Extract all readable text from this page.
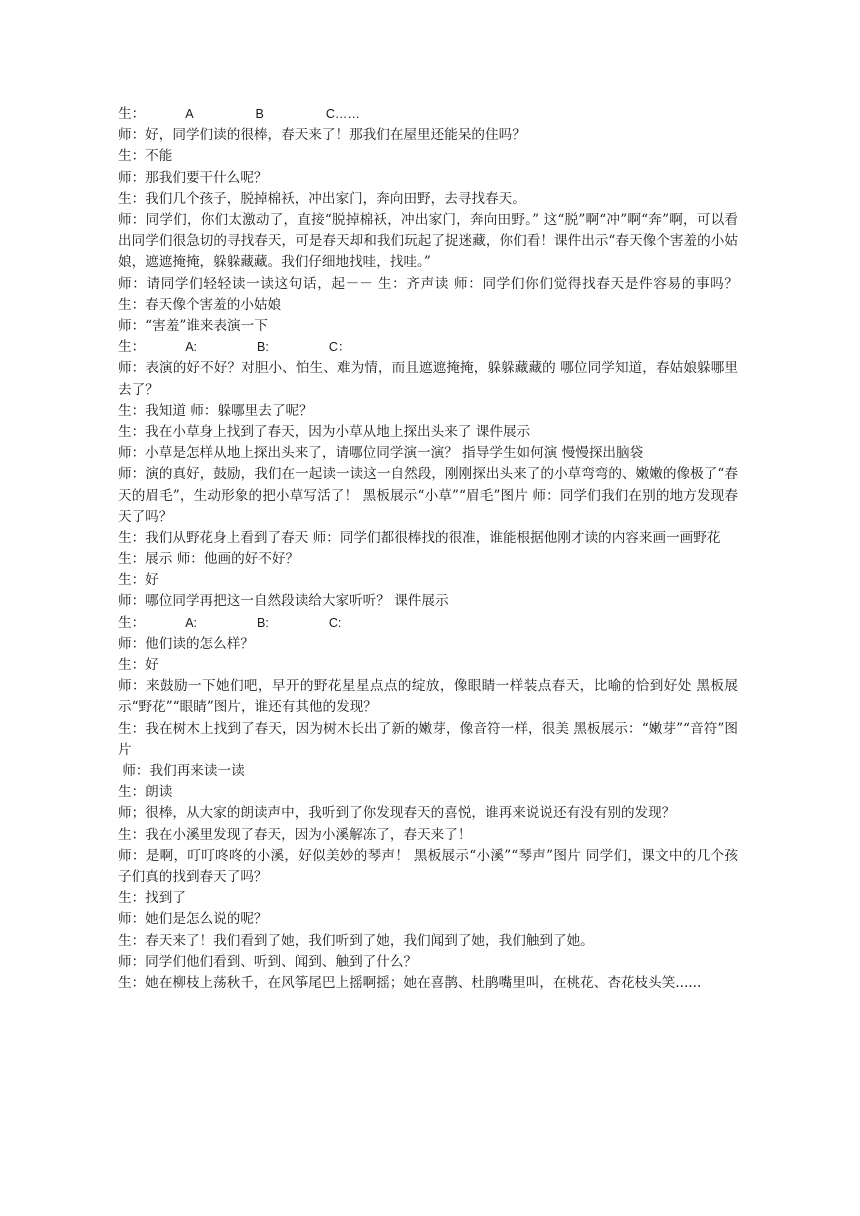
生：	A	B	C……
师：好，同学们读的很棒，春天来了！那我们在屋里还能呆的住吗？
生：不能
师：那我们要干什么呢？
生：我们几个孩子，脱掉棉袄，冲出家门，奔向田野，去寻找春天。
师：同学们，你们太激动了，直接“脱掉棉袄，冲出家门，奔向田野。” 这“脱”啊“冲”啊“奔”啊，可以看出同学们很急切的寻找春天，可是春天却和我们玩起了捉迷藏，你们看！课件出示“春天像个害羞的小姑娘，遮遮掩掩，躲躲藏藏。我们仔细地找哇，找哇。”
师：请同学们轻轻读一读这句话，起－－ 生：齐声读 师：同学们你们觉得找春天是件容易的事吗？ 生：春天像个害羞的小姑娘
师：“害羞”谁来表演一下
生：	A:	B:	C：
师：表演的好不好？对胆小、怕生、难为情，而且遮遮掩掩，躲躲藏藏的 哪位同学知道，春姑娘躲哪里去了？
生：我知道 师：躲哪里去了呢？
生：我在小草身上找到了春天，因为小草从地上探出头来了 课件展示
师：小草是怎样从地上探出头来了，请哪位同学演一演？ 指导学生如何演 慢慢探出脑袋
师：演的真好，鼓励，我们在一起读一读这一自然段，刚刚探出头来了的小草弯弯的、嫩嫩的像极了“春天的眉毛”，生动形象的把小草写活了！ 黑板展示“小草”“眉毛”图片 师：同学们我们在别的地方发现春天了吗？
生：我们从野花身上看到了春天 师：同学们都很棒找的很准，谁能根据他刚才读的内容来画一画野花
生：展示 师：他画的好不好？
生：好
师：哪位同学再把这一自然段读给大家听听？ 课件展示
生：	A:	B:	C:
师：他们读的怎么样？
生：好
师：来鼓励一下她们吧，早开的野花星星点点的绽放，像眼睛一样装点春天，比喻的恰到好处 黑板展示“野花”“眼睛”图片，谁还有其他的发现？
生：我在树木上找到了春天，因为树木长出了新的嫩芽，像音符一样，很美 黑板展示：“嫩芽”“音符”图片
师：我们再来读一读
生：朗读
师；很棒，从大家的朗读声中，我听到了你发现春天的喜悦，谁再来说说还有没有别的发现？
生：我在小溪里发现了春天，因为小溪解冻了，春天来了！
师：是啊，叮叮咚咚的小溪，好似美妙的琴声！ 黑板展示“小溪”“琴声”图片 同学们，课文中的几个孩子们真的找到春天了吗？
生：找到了
师：她们是怎么说的呢？
生：春天来了！我们看到了她，我们听到了她，我们闻到了她，我们触到了她。
师：同学们他们看到、听到、闻到、触到了什么？
生：她在柳枝上荡秋千，在风筝尾巴上摇啊摇；她在喜鹊、杜鹃嘴里叫，在桃花、杏花枝头笑......
